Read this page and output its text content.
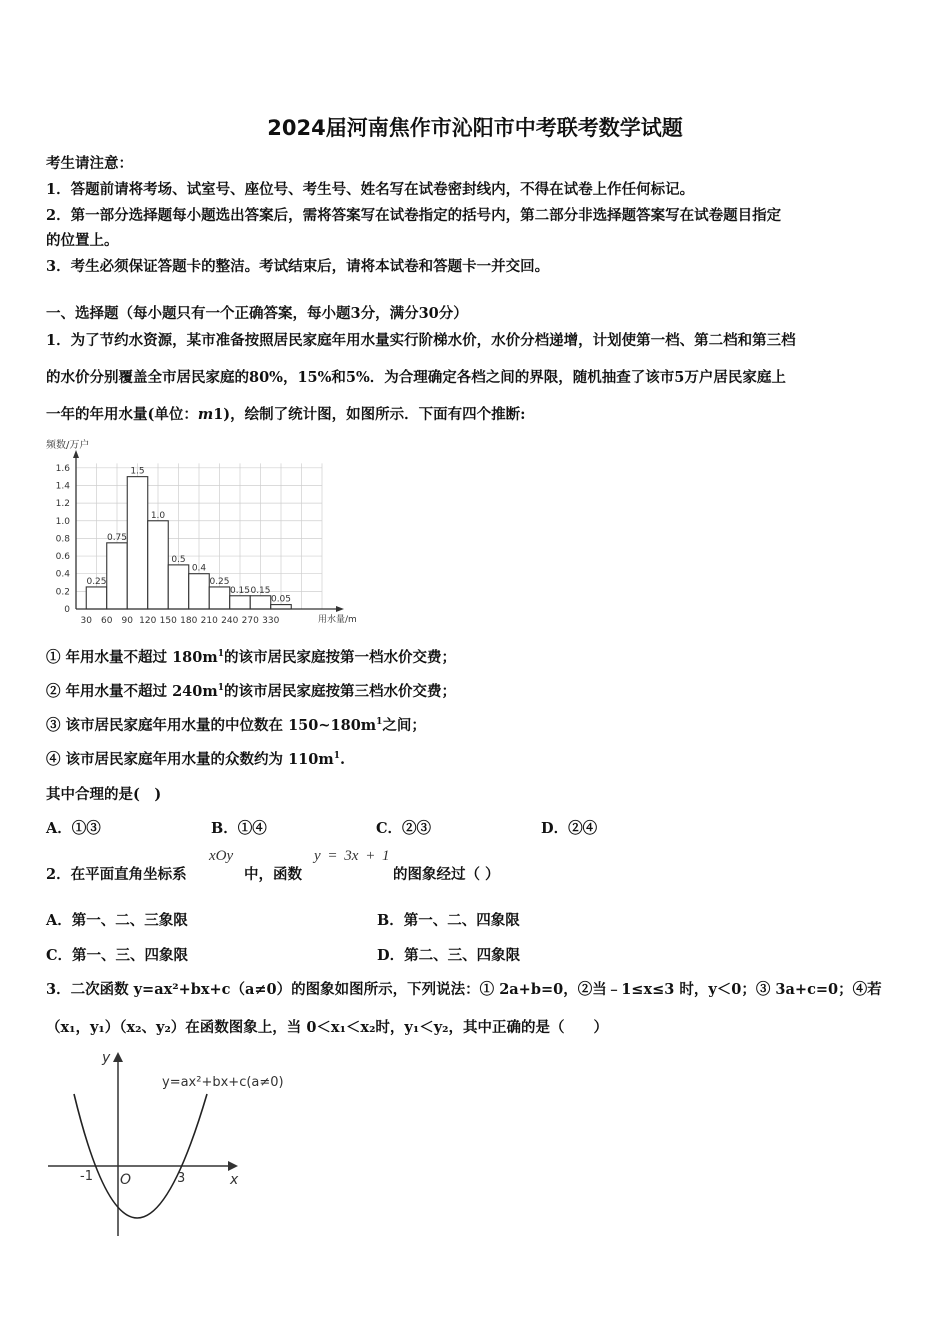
2024届河南焦作市沁阳市中考联考数学试题
考生请注意：
1．答题前请将考场、试室号、座位号、考生号、姓名写在试卷密封线内，不得在试卷上作任何标记。
2．第一部分选择题每小题选出答案后，需将答案写在试卷指定的括号内，第二部分非选择题答案写在试卷题目指定
的位置上。
3．考生必须保证答题卡的整洁。考试结束后，请将本试卷和答题卡一并交回。
一、选择题（每小题只有一个正确答案，每小题3分，满分30分）
1．为了节约水资源，某市准备按照居民家庭年用水量实行阶梯水价，水价分档递增，计划使第一档、第二档和第三档
的水价分别覆盖全市居民家庭的80%，15%和5%．为合理确定各档之间的界限，随机抽查了该市5万户居民家庭上
一年的年用水量(单位：m1)，绘制了统计图，如图所示．下面有四个推断:
0.25
0.75
1.5
1.0
0.5
0.4
0.25
0.15 0.15
0.05
0
0.2
0.4
0.6
0.8
1.0
1.2
1.4
1.6
30 60 90 120 150 180 210 240 270 330
频数/万户
用水量/m
① 年用水量不超过 $180m^1$的该市居民家庭按第一档水价交费；
② 年用水量不超过 $240m^1$的该市居民家庭按第三档水价交费；
③ 该市居民家庭年用水量的中位数在 $150\sim 180m^1$之间；
④ 该市居民家庭年用水量的众数约为 $110m^1$.
其中合理的是(　)
A．①③	B．①④	C．②③	D．②④
2．在平面直角坐标系
xOy
中，函数
y = 3x + 1
的图象经过（ ）
A．第一、二、三象限	B．第一、二、四象限
C．第一、三、四象限	D．第二、三、四象限
3．二次函数 y=ax²+bx+c（a≠0）的图象如图所示，下列说法：① 2a+b=0，②当﹣1≤x≤3 时，y＜0；③ 3a+c=0；④若
（x₁，y₁）（x₂、y₂）在函数图象上，当 0＜x₁＜x₂时，y₁＜y₂，其中正确的是（　　）
y=ax²+bx+c(a≠0)
y
x
O
-1	3
